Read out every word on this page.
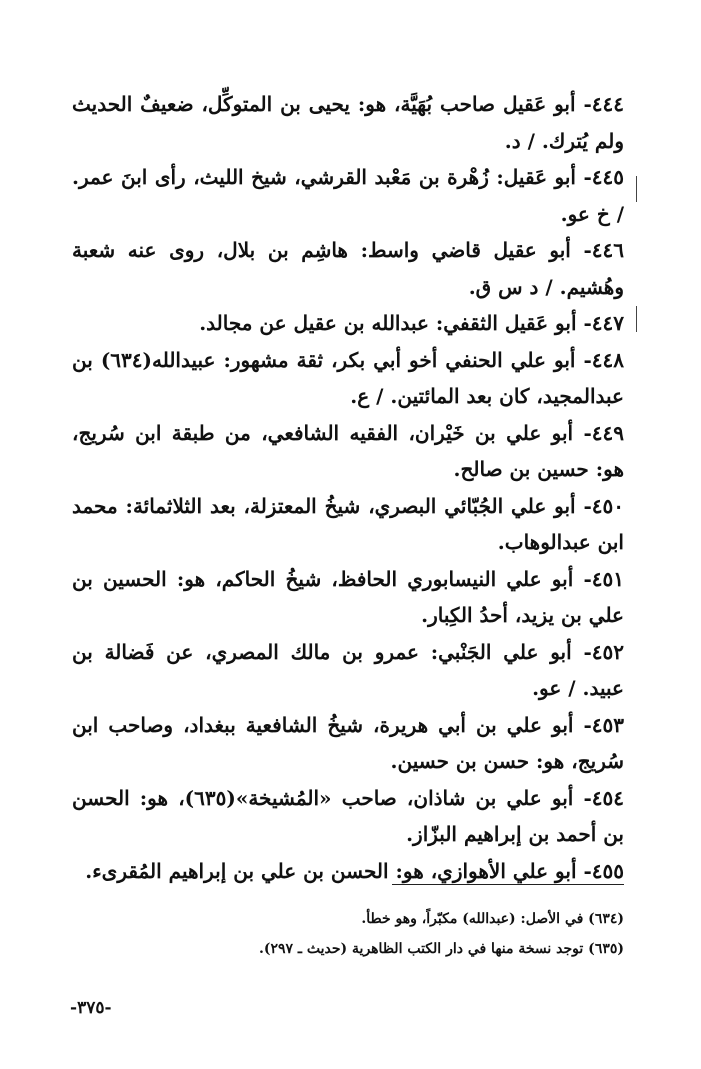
٤٤٤- أبو عَقيل صاحب بُهَيَّة، هو: يحيى بن المتوكِّل، ضعيفٌ الحديث ولم يُترك. / د.

٤٤٥- أبو عَقيل: زُهْرة بن مَعْبد القرشي، شيخ الليث، رأى ابنَ عمر. / خ عو.

٤٤٦- أبو عقيل قاضي واسط: هاشِم بن بلال، روى عنه شعبة وهُشيم. / د س ق.

٤٤٧- أبو عَقيل الثقفي: عبدالله بن عقيل عن مجالد.

٤٤٨- أبو علي الحنفي أخو أبي بكر، ثقة مشهور: عبيدالله(٦٣٤) بن عبدالمجيد، كان بعد المائتين. / ع.

٤٤٩- أبو علي بن خَيْران، الفقيه الشافعي، من طبقة ابن سُريج، هو: حسين بن صالح.

٤٥٠- أبو علي الجُبّائي البصري، شيخُ المعتزلة، بعد الثلاثمائة: محمد ابن عبدالوهاب.

٤٥١- أبو علي النيسابوري الحافظ، شيخُ الحاكم، هو: الحسين بن علي بن يزيد، أحدُ الكِبار.

٤٥٢- أبو علي الجَنْبي: عمرو بن مالك المصري، عن فَضالة بن عبيد. / عو.

٤٥٣- أبو علي بن أبي هريرة، شيخُ الشافعية ببغداد، وصاحب ابن سُريج، هو: حسن بن حسين.

٤٥٤- أبو علي بن شاذان، صاحب «المُشيخة»(٦٣٥)، هو: الحسن بن أحمد بن إبراهيم البزّاز.

٤٥٥- أبو علي الأهوازي، هو: الحسن بن علي بن إبراهيم المُقرىء.

(٦٣٤) في الأصل: (عبدالله) مكبّراً، وهو خطأ.

(٦٣٥) توجد نسخة منها في دار الكتب الظاهرية (حديث ـ ٢٩٧).

-٣٧٥-
